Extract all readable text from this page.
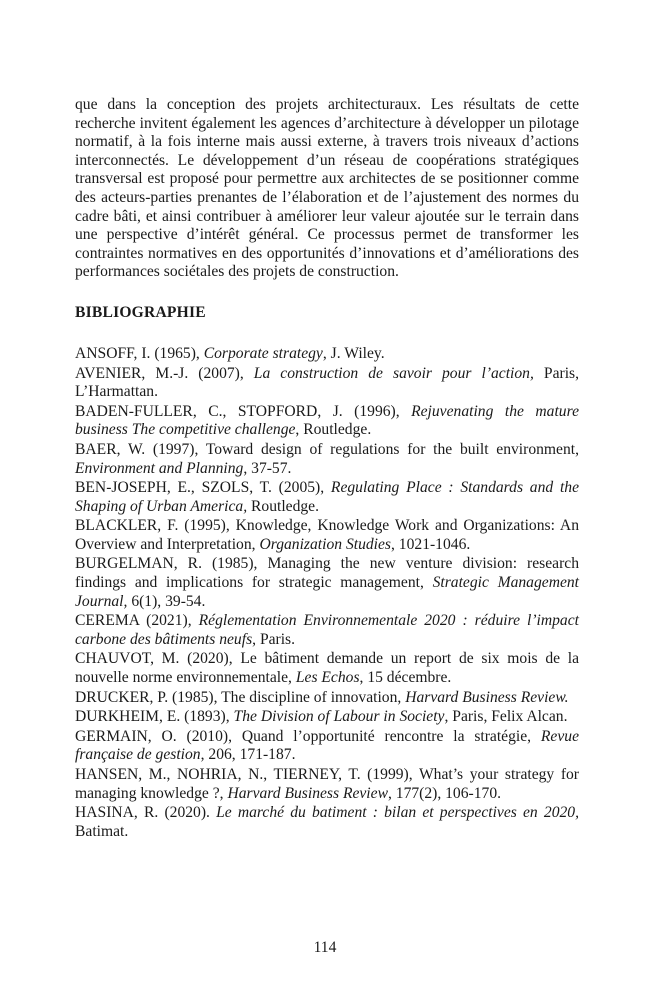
que dans la conception des projets architecturaux. Les résultats de cette recherche invitent également les agences d’architecture à développer un pilotage normatif, à la fois interne mais aussi externe, à travers trois niveaux d’actions interconnectés. Le développement d’un réseau de coopérations stratégiques transversal est proposé pour permettre aux architectes de se positionner comme des acteurs-parties prenantes de l’élaboration et de l’ajustement des normes du cadre bâti, et ainsi contribuer à améliorer leur valeur ajoutée sur le terrain dans une perspective d’intérêt général. Ce processus permet de transformer les contraintes normatives en des opportunités d’innovations et d’améliorations des performances sociétales des projets de construction.

BIBLIOGRAPHIE

ANSOFF, I. (1965), Corporate strategy, J. Wiley.

AVENIER, M.-J. (2007), La construction de savoir pour l’action, Paris, L’Harmattan.

BADEN-FULLER, C., STOPFORD, J. (1996), Rejuvenating the mature business The competitive challenge, Routledge.

BAER, W. (1997), Toward design of regulations for the built environment, Environment and Planning, 37-57.

BEN-JOSEPH, E., SZOLS, T. (2005), Regulating Place : Standards and the Shaping of Urban America, Routledge.

BLACKLER, F. (1995), Knowledge, Knowledge Work and Organizations: An Overview and Interpretation, Organization Studies, 1021-1046.

BURGELMAN, R. (1985), Managing the new venture division: research findings and implications for strategic management, Strategic Management Journal, 6(1), 39-54.

CEREMA (2021), Réglementation Environnementale 2020 : réduire l’impact carbone des bâtiments neufs, Paris.

CHAUVOT, M. (2020), Le bâtiment demande un report de six mois de la nouvelle norme environnementale, Les Echos, 15 décembre.

DRUCKER, P. (1985), The discipline of innovation, Harvard Business Review.

DURKHEIM, E. (1893), The Division of Labour in Society, Paris, Felix Alcan.

GERMAIN, O. (2010), Quand l’opportunité rencontre la stratégie, Revue française de gestion, 206, 171-187.

HANSEN, M., NOHRIA, N., TIERNEY, T. (1999), What’s your strategy for managing knowledge ?, Harvard Business Review, 177(2), 106-170.

HASINA, R. (2020). Le marché du batiment : bilan et perspectives en 2020, Batimat.

114
